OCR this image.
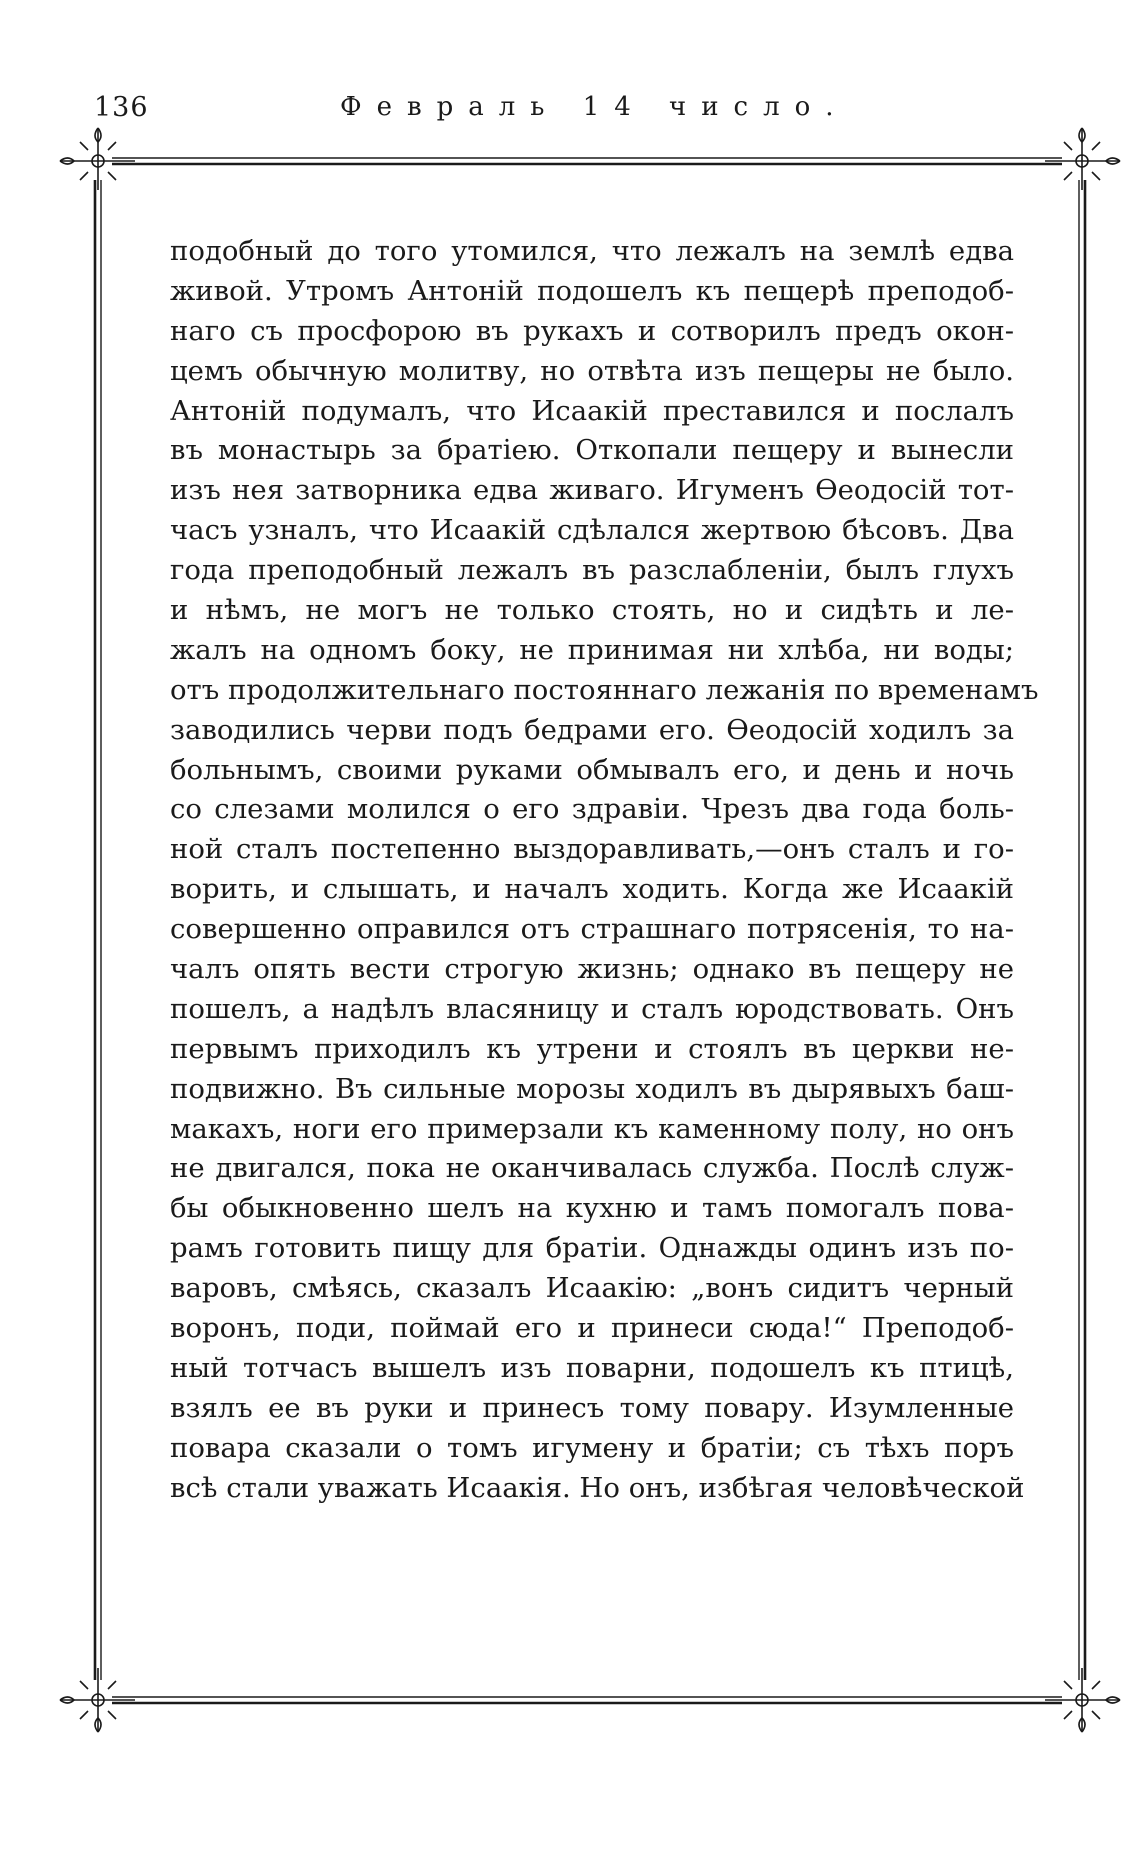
136	Февраль 14 число.
подобный до того утомился, что лежалъ на землѣ едва
живой. Утромъ Антоній подошелъ къ пещерѣ преподоб-
наго съ просфорою въ рукахъ и сотворилъ предъ окон-
цемъ обычную молитву, но отвѣта изъ пещеры не было.
Антоній подумалъ, что Исаакій преставился и послалъ
въ монастырь за братіею. Откопали пещеру и вынесли
изъ нея затворника едва живаго. Игуменъ Ѳеодосій тот-
часъ узналъ, что Исаакій сдѣлался жертвою бѣсовъ. Два
года преподобный лежалъ въ разслабленіи, былъ глухъ
и нѣмъ, не могъ не только стоять, но и сидѣть и ле-
жалъ на одномъ боку, не принимая ни хлѣба, ни воды;
отъ продолжительнаго постояннаго лежанія по временамъ
заводились черви подъ бедрами его. Ѳеодосій ходилъ за
больнымъ, своими руками обмывалъ его, и день и ночь
со слезами молился о его здравіи. Чрезъ два года боль-
ной сталъ постепенно выздоравливать,—онъ сталъ и го-
ворить, и слышать, и началъ ходить. Когда же Исаакій
совершенно оправился отъ страшнаго потрясенія, то на-
чалъ опять вести строгую жизнь; однако въ пещеру не
пошелъ, а надѣлъ власяницу и сталъ юродствовать. Онъ
первымъ приходилъ къ утрени и стоялъ въ церкви не-
подвижно. Въ сильные морозы ходилъ въ дырявыхъ баш-
макахъ, ноги его примерзали къ каменному полу, но онъ
не двигался, пока не оканчивалась служба. Послѣ служ-
бы обыкновенно шелъ на кухню и тамъ помогалъ пова-
рамъ готовить пищу для братіи. Однажды одинъ изъ по-
варовъ, смѣясь, сказалъ Исаакію: „вонъ сидитъ черный
воронъ, поди, поймай его и принеси сюда!“ Преподоб-
ный тотчасъ вышелъ изъ поварни, подошелъ къ птицѣ,
взялъ ее въ руки и принесъ тому повару. Изумленные
повара сказали о томъ игумену и братіи; съ тѣхъ поръ
всѣ стали уважать Исаакія. Но онъ, избѣгая человѣческой
